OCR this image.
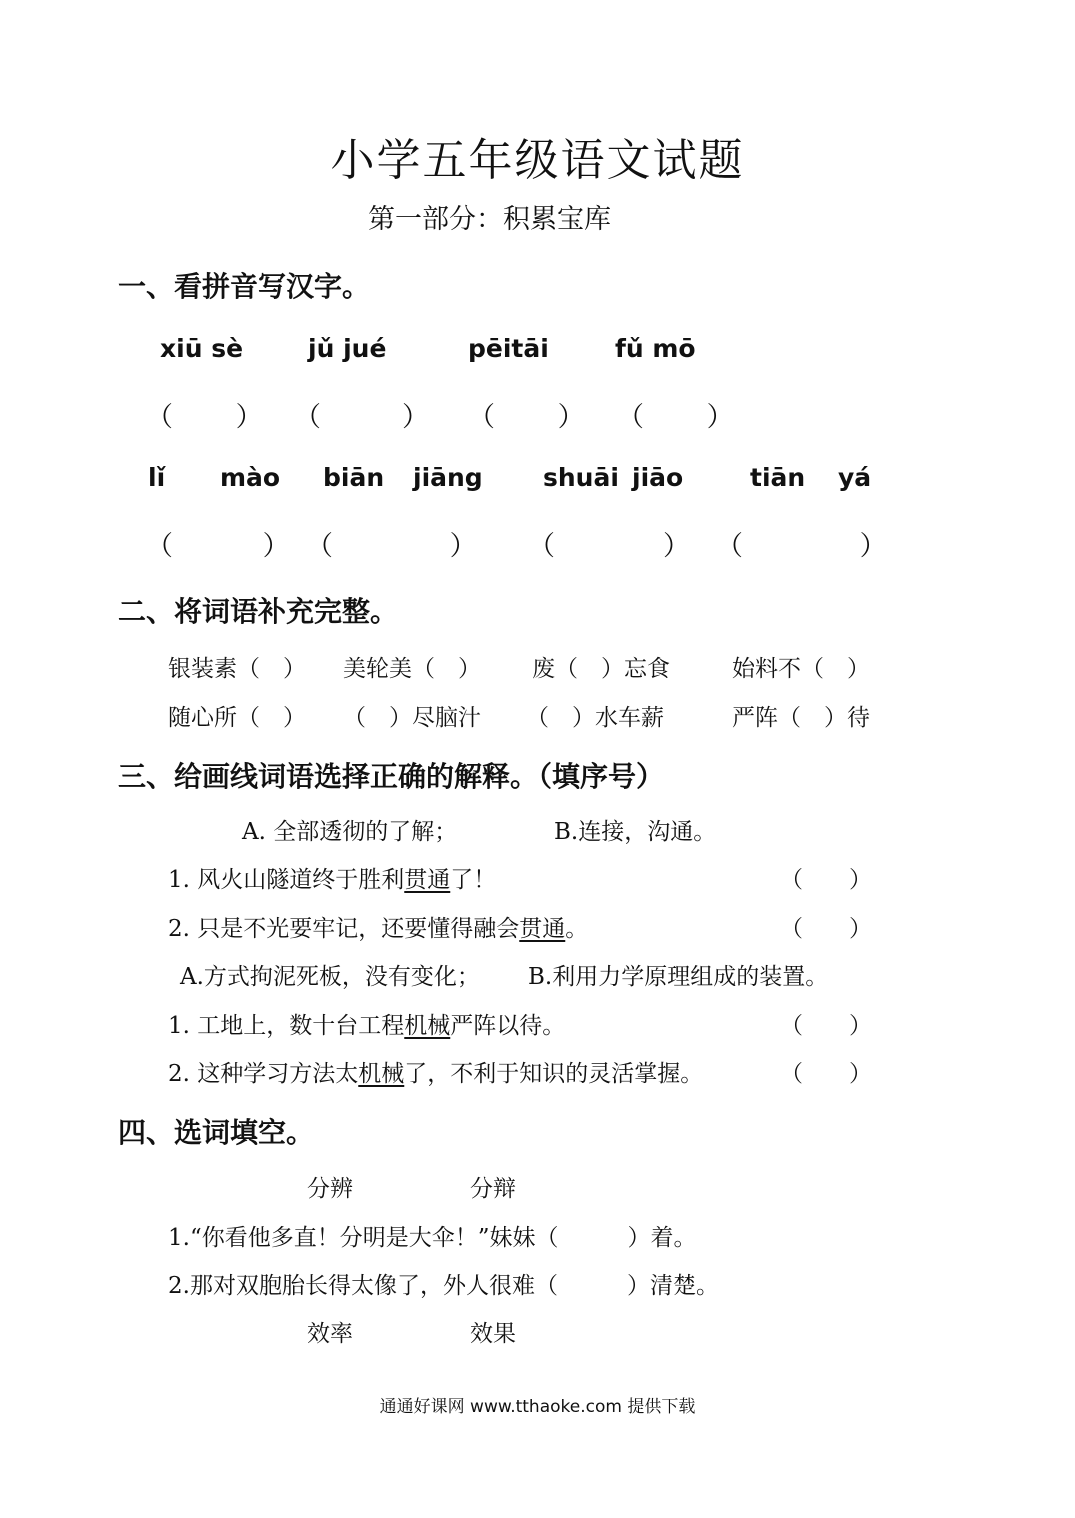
小学五年级语文试题
第一部分：积累宝库
一、看拼音写汉字。
xiū sè	jǔ jué	pēitāi	fǔ mō
（　　 ） （　　　） （　　 ） （　　 ）
lǐ mào biān jiāng shuāi jiāo	tiān yá
（　　　 ） （　　　　 ） （　　　　） （　　　　 ）
二、将词语补充完整。
银装素（　） 美轮美（　） 废（　）忘食	始料不（　）
随心所（　） （　）尽脑汁 （　）水车薪	严阵（　）待
三、给画线词语选择正确的解释。（填序号）
A. 全部透彻的了解；	B.连接，沟通。
1. 风火山隧道终于胜利贯通了！	（　　）
2. 只是不光要牢记，还要懂得融会贯通。	（　　）
A.方式拘泥死板，没有变化； B.利用力学原理组成的装置。
1. 工地上，数十台工程机械严阵以待。	（　　）
2. 这种学习方法太机械了，不利于知识的灵活掌握。	（　　）
四、选词填空。
分辨	分辩
1.“你看他多直！分明是大伞！”妹妹（　　　）着。
2.那对双胞胎长得太像了，外人很难（　　　）清楚。
效率	效果
通通好课网 www.tthaoke.com 提供下载
